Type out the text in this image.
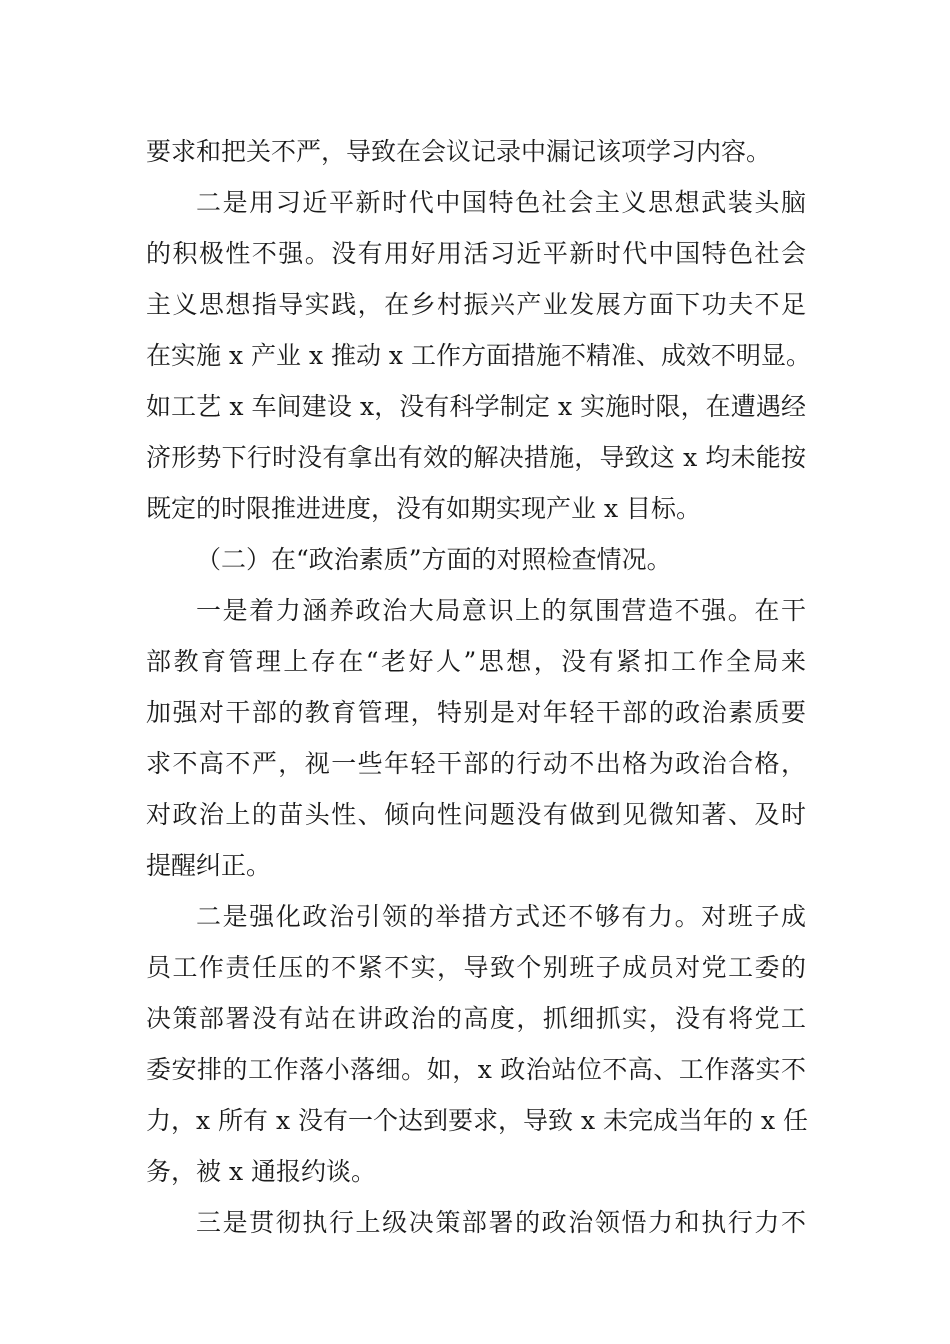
要求和把关不严，导致在会议记录中漏记该项学习内容。
二是用习近平新时代中国特色社会主义思想武装头脑
的积极性不强。没有用好用活习近平新时代中国特色社会
主义思想指导实践，在乡村振兴产业发展方面下功夫不足
在实施 x 产业 x 推动 x 工作方面措施不精准、成效不明显。
如工艺 x 车间建设 x，没有科学制定 x 实施时限，在遭遇经
济形势下行时没有拿出有效的解决措施，导致这 x 均未能按
既定的时限推进进度，没有如期实现产业 x 目标。
（二）在“政治素质”方面的对照检查情况。
一是着力涵养政治大局意识上的氛围营造不强。在干
部教育管理上存在“老好人”思想，没有紧扣工作全局来
加强对干部的教育管理，特别是对年轻干部的政治素质要
求不高不严，视一些年轻干部的行动不出格为政治合格，
对政治上的苗头性、倾向性问题没有做到见微知著、及时
提醒纠正。
二是强化政治引领的举措方式还不够有力。对班子成
员工作责任压的不紧不实，导致个别班子成员对党工委的
决策部署没有站在讲政治的高度，抓细抓实，没有将党工
委安排的工作落小落细。如，x 政治站位不高、工作落实不
力，x 所有 x 没有一个达到要求，导致 x 未完成当年的 x 任
务，被 x 通报约谈。
三是贯彻执行上级决策部署的政治领悟力和执行力不
